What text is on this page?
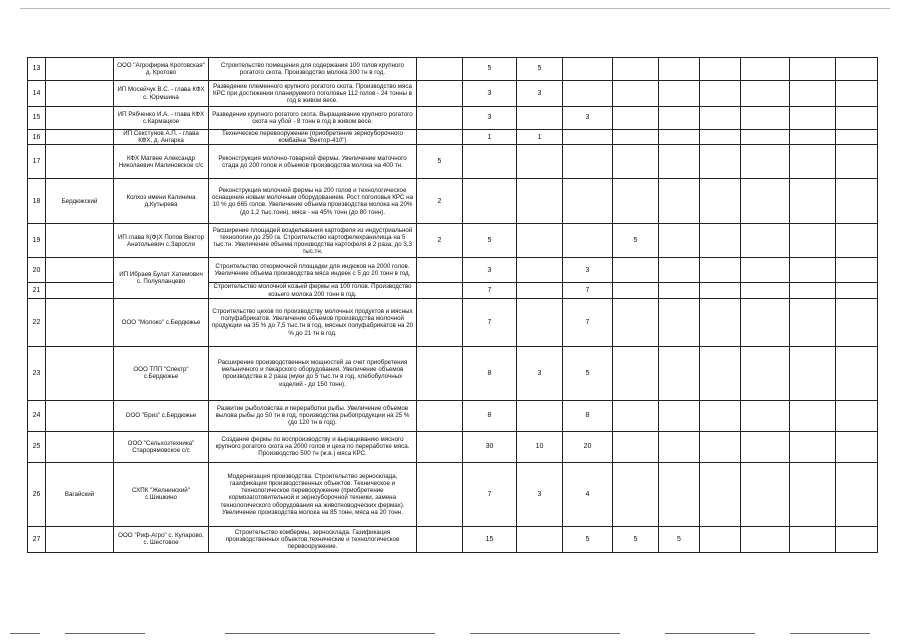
13		ООО "Агрофирма Кротовская" д. Кротово	Строительство помещения для содержания 100 голов крупного рогатого скота. Производство молока 300 тн в год.		5	5							
14		ИП Мосейчук В.С. - глава КФХ с. Юрмшина	Разведение племенного крупного рогатого скота. Производство мяса КРС при достижении планируемого поголовья 112 голов - 24 тонны в год в живом весе.		3	3							
15		ИП Рябченко И.А. - глава КФХ с.Кармацкое	Разведение крупного рогатого скота. Выращивание крупного рогатого скота на убой - 8 тонн в год в живом весе.		3		3						
16		ИП Секстунов А.П. - глава КФХ, д. Ангарка	Техническое перевооружение (приобретение зерноуборочного комбайна "Вектор-410")		1	1							
17		КФХ Матвее Александр Николаевич Малиновское с/с	Реконструкция молочно-товарной фермы. Увеличение маточного стада до 200 голов и объемов производства молока на 400 тн.	5									
18	Бердюжский	Колхоз имени Калинина д.Кутырева	Реконструкция молочной фермы на 200 голов и технологическое оснащение новым молочным оборудованием. Рост поголовья КРС на 10 % до 665 голов. Увеличение объема производства молока на 20% (до 1,2 тыс.тонн), мяса - на 45% тонн (до 80 тонн).	2									
19		ИП глава К(Ф)Х Попов Виктор Анатольевич с.Заросли	Расширение площадей возделывания картофеля из индустриальной технологии до 250 га. Строительство картофелехранилища на 5 тыс.тн. Увеличение объема производства картофеля в 2 раза, до 3,3 тыс.тн.	2	5			5					
20		ИП Ибраев Булат Хатемович с. Полуяланцево	Строительство откормочной площадки для индюков на 2000 голов. Увеличение объема производства мяса индеек с 5 до 20 тонн в год.		3		3						
21			Строительство молочной козьей фермы на 100 голов. Производство козьего молока 200 тонн в год.		7		7						
22		ООО "Молоко" с.Бердюжье	Строительство цехов по производству молочных продуктов и мясных полуфабрикатов. Увеличение объемов производства молочной продукции на 35 % до 7,5 тыс.тн в год, мясных полуфабрикатов на 20 % до 21 тн в год.		7		7						
23		ООО ТПП "Спектр" с.Бердюжье	Расширение производственных мощностей за счет приобретения мельничного и пекарского оборудования. Увеличение объемов производства в 2 раза (муки до 5 тыс.тн в год, хлебобулочных изделий - до 150 тонн).		8	3	5						
24		ООО "Бриз" с.Бердюжье	Развитие рыболовства и переработки рыбы. Увеличение объемов вылова рыбы до 50 тн в год, производства рыбопродукции на 25 % (до 120 тн в год).		8		8						
25		ООО "Сельхозтехника" Старорямовское с/с	Создание фермы по воспроизводству и выращиванию мясного крупного рогатого скота на 2000 голов и цеха по переработке мяса. Производство 500 тн (ж.в.) мяса КРС.		30	10	20						
26	Вагайский	СХПК "Желнинский" с.Шишкино	Модернизация производства. Строительство зерносклада, газификация производственных объектов. Техническое и технологическое перевооружение (приобретение кормозаготовительной и зерноуборочной техники, замена технологического оборудования на животноводческих фермах). Увеличение производства молока на 85 тонн, мяса на 20 тонн.		7	3	4						
27		ООО "Риф-Агро" с. Куларово, с. Шестовое	Строительство комбермы, зерносклада. Газификация производственных объектов,технические и технологическое перевооружение.		15		5	5	5				
